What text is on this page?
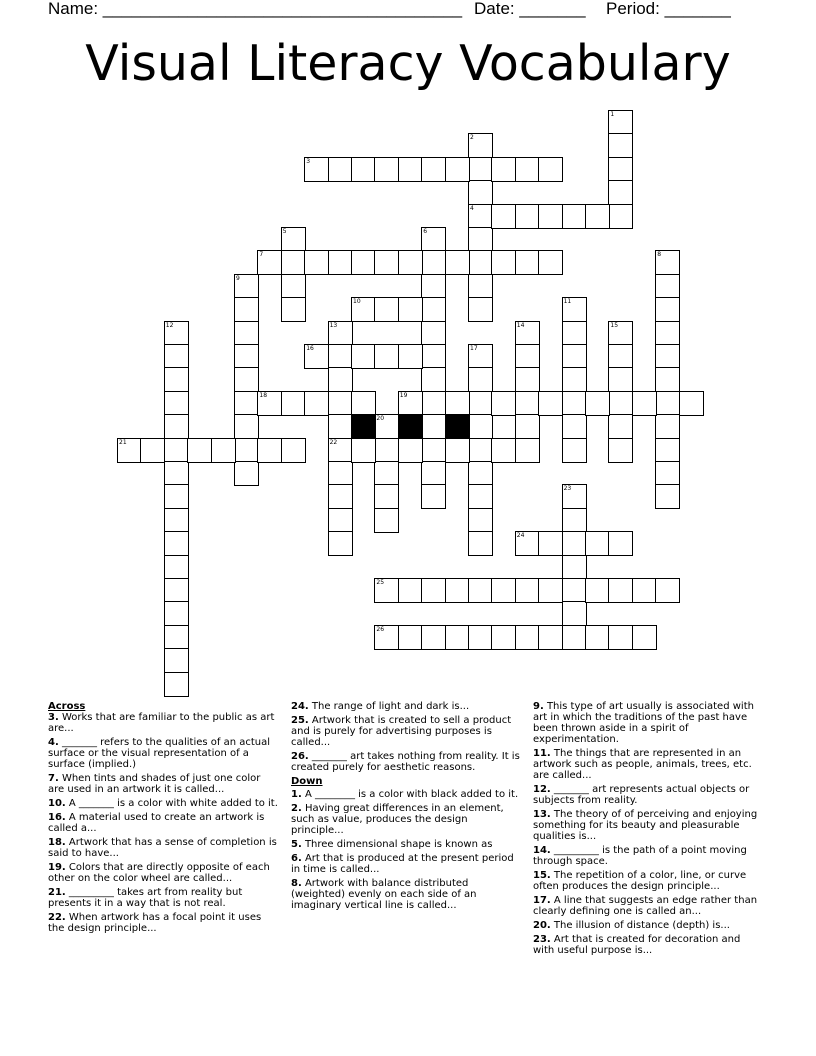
Name: ______________________________________ Date: _______ Period: _______
Visual Literacy Vocabulary
1
2
4
3
5	6
7	8
9
10	11
12	13
22
14	15
16	17
18	19
20
21
23
24
25
26
Across
3. Works that are familiar to the public as art are...
4. _______ refers to the qualities of an actual surface or the visual representation of a surface (implied.)
7. When tints and shades of just one color are used in an artwork it is called...
10. A _______ is a color with white added to it.
16. A material used to create an artwork is called a...
18. Artwork that has a sense of completion is said to have...
19. Colors that are directly opposite of each other on the color wheel are called...
21. _________ takes art from reality but presents it in a way that is not real.
22. When artwork has a focal point it uses the design principle...
24. The range of light and dark is...
25. Artwork that is created to sell a product and is purely for advertising purposes is called...
26. _______ art takes nothing from reality. It is created purely for aesthetic reasons.
Down
1. A ________ is a color with black added to it.
2. Having great differences in an element, such as value, produces the design principle...
5. Three dimensional shape is known as
6. Art that is produced at the present period in time is called...
8. Artwork with balance distributed (weighted) evenly on each side of an imaginary vertical line is called...
9. This type of art usually is associated with art in which the traditions of the past have been thrown aside in a spirit of experimentation.
11. The things that are represented in an artwork such as people, animals, trees, etc. are called...
12. _______ art represents actual objects or subjects from reality.
13. The theory of of perceiving and enjoying something for its beauty and pleasurable qualities is...
14. _________ is the path of a point moving through space.
15. The repetition of a color, line, or curve often produces the design principle...
17. A line that suggests an edge rather than clearly defining one is called an...
20. The illusion of distance (depth) is...
23. Art that is created for decoration and with useful purpose is...
